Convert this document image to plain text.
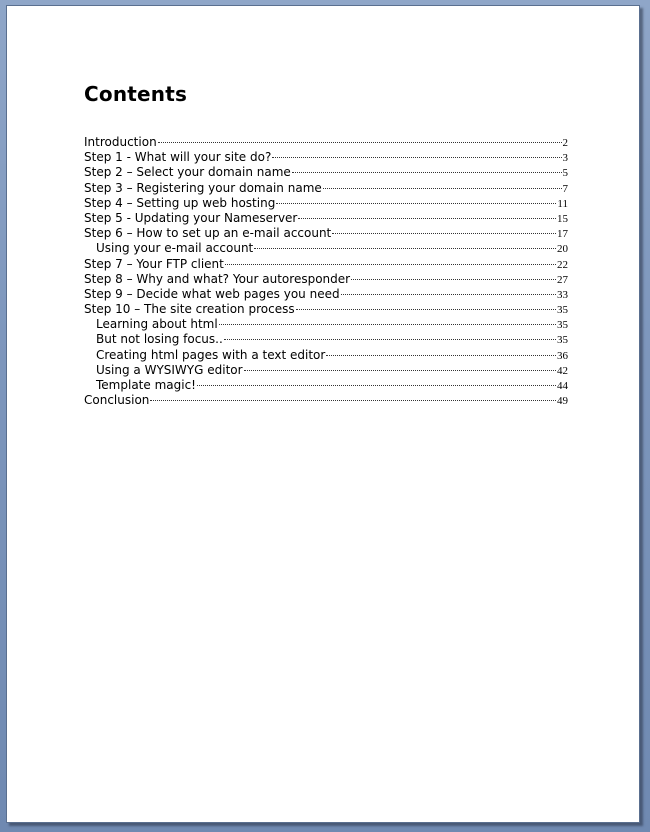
Contents
Introduction	2
Step 1 - What will your site do?	3
Step 2 – Select your domain name	5
Step 3 – Registering your domain name	7
Step 4 – Setting up web hosting	11
Step 5 - Updating your Nameserver	15
Step 6 – How to set up an e-mail account	17
Using your e-mail account	20
Step 7 – Your FTP client	22
Step 8 – Why and what? Your autoresponder	27
Step 9 – Decide what web pages you need	33
Step 10 – The site creation process	35
Learning about html	35
But not losing focus..	35
Creating html pages with a text editor	36
Using a WYSIWYG editor	42
Template magic!	44
Conclusion	49
